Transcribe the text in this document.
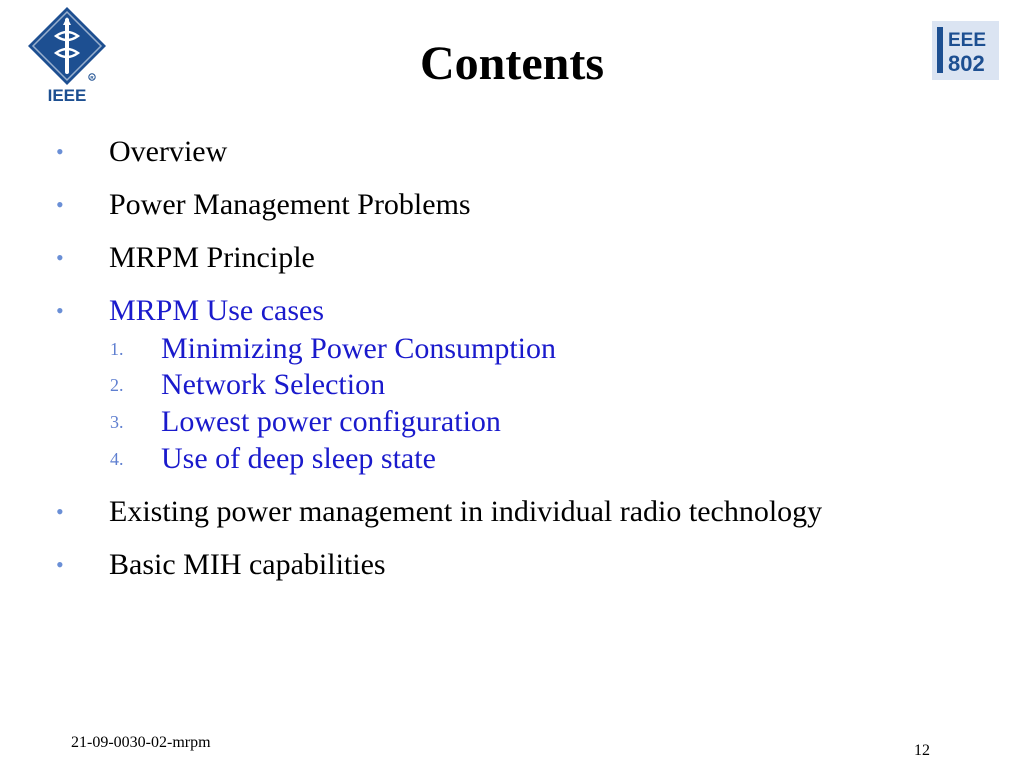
R
IEEE
EEE
802
Contents
• Overview
• Power Management Problems
• MRPM Principle
• MRPM Use cases
1. Minimizing Power Consumption
2. Network Selection
3. Lowest power configuration
4. Use of deep sleep state
• Existing power management in individual radio technology
• Basic MIH capabilities
21-09-0030-02-mrpm	12
